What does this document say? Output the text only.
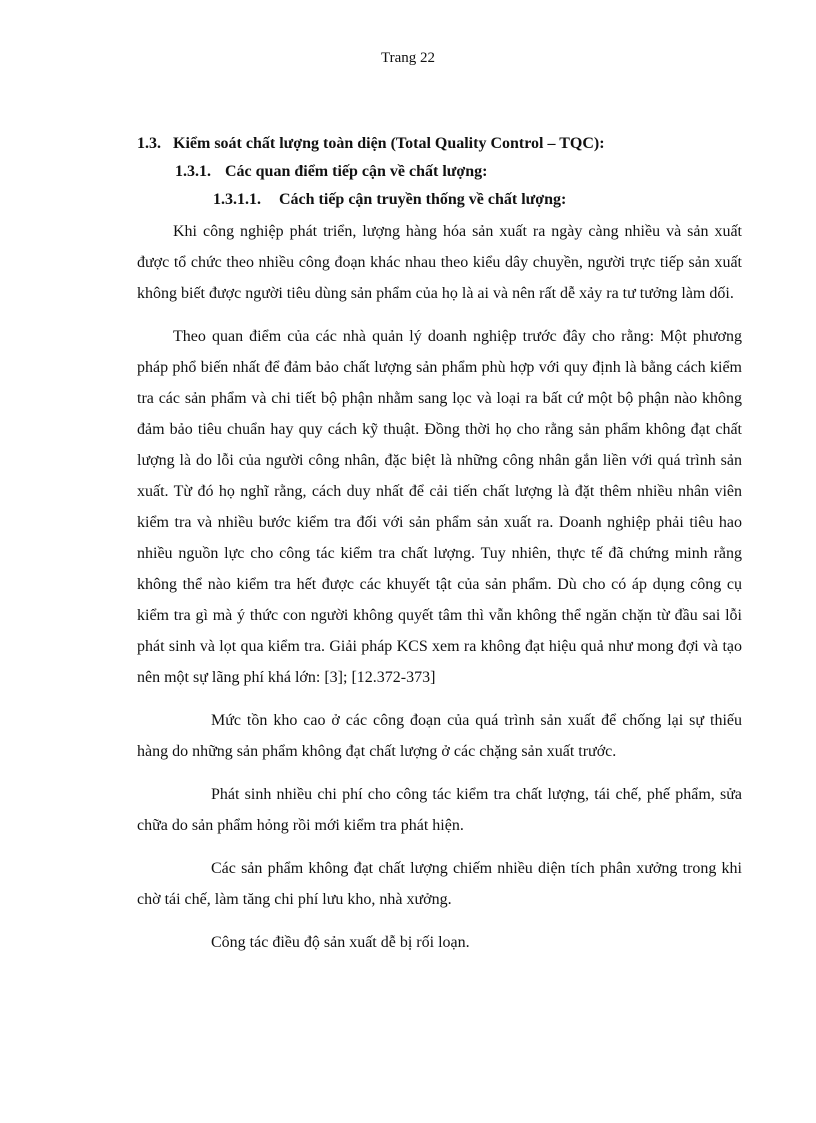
Trang 22
1.3. Kiểm soát chất lượng toàn diện (Total Quality Control – TQC):
1.3.1. Các quan điểm tiếp cận về chất lượng:
1.3.1.1. Cách tiếp cận truyền thống về chất lượng:

Khi công nghiệp phát triển, lượng hàng hóa sản xuất ra ngày càng nhiều và sản xuất được tổ chức theo nhiều công đoạn khác nhau theo kiểu dây chuyền, người trực tiếp sản xuất không biết được người tiêu dùng sản phẩm của họ là ai và nên rất dễ xảy ra tư tưởng làm dối.

Theo quan điểm của các nhà quản lý doanh nghiệp trước đây cho rằng: Một phương pháp phổ biến nhất để đảm bảo chất lượng sản phẩm phù hợp với quy định là bằng cách kiểm tra các sản phẩm và chi tiết bộ phận nhằm sang lọc và loại ra bất cứ một bộ phận nào không đảm bảo tiêu chuẩn hay quy cách kỹ thuật. Đồng thời họ cho rằng sản phẩm không đạt chất lượng là do lỗi của người công nhân, đặc biệt là những công nhân gắn liền với quá trình sản xuất. Từ đó họ nghĩ rằng, cách duy nhất để cải tiến chất lượng là đặt thêm nhiều nhân viên kiểm tra và nhiều bước kiểm tra đối với sản phẩm sản xuất ra. Doanh nghiệp phải tiêu hao nhiều nguồn lực cho công tác kiểm tra chất lượng. Tuy nhiên, thực tế đã chứng minh rằng không thể nào kiểm tra hết được các khuyết tật của sản phẩm. Dù cho có áp dụng công cụ kiểm tra gì mà ý thức con người không quyết tâm thì vẫn không thể ngăn chặn từ đầu sai lỗi phát sinh và lọt qua kiểm tra. Giải pháp KCS xem ra không đạt hiệu quả như mong đợi và tạo nên một sự lãng phí khá lớn: [3]; [12.372-373]

Mức tồn kho cao ở các công đoạn của quá trình sản xuất để chống lại sự thiếu hàng do những sản phẩm không đạt chất lượng ở các chặng sản xuất trước.

Phát sinh nhiều chi phí cho công tác kiểm tra chất lượng, tái chế, phế phẩm, sửa chữa do sản phẩm hỏng rồi mới kiểm tra phát hiện.

Các sản phẩm không đạt chất lượng chiếm nhiều diện tích phân xưởng trong khi chờ tái chế, làm tăng chi phí lưu kho, nhà xưởng.

Công tác điều độ sản xuất dễ bị rối loạn.
